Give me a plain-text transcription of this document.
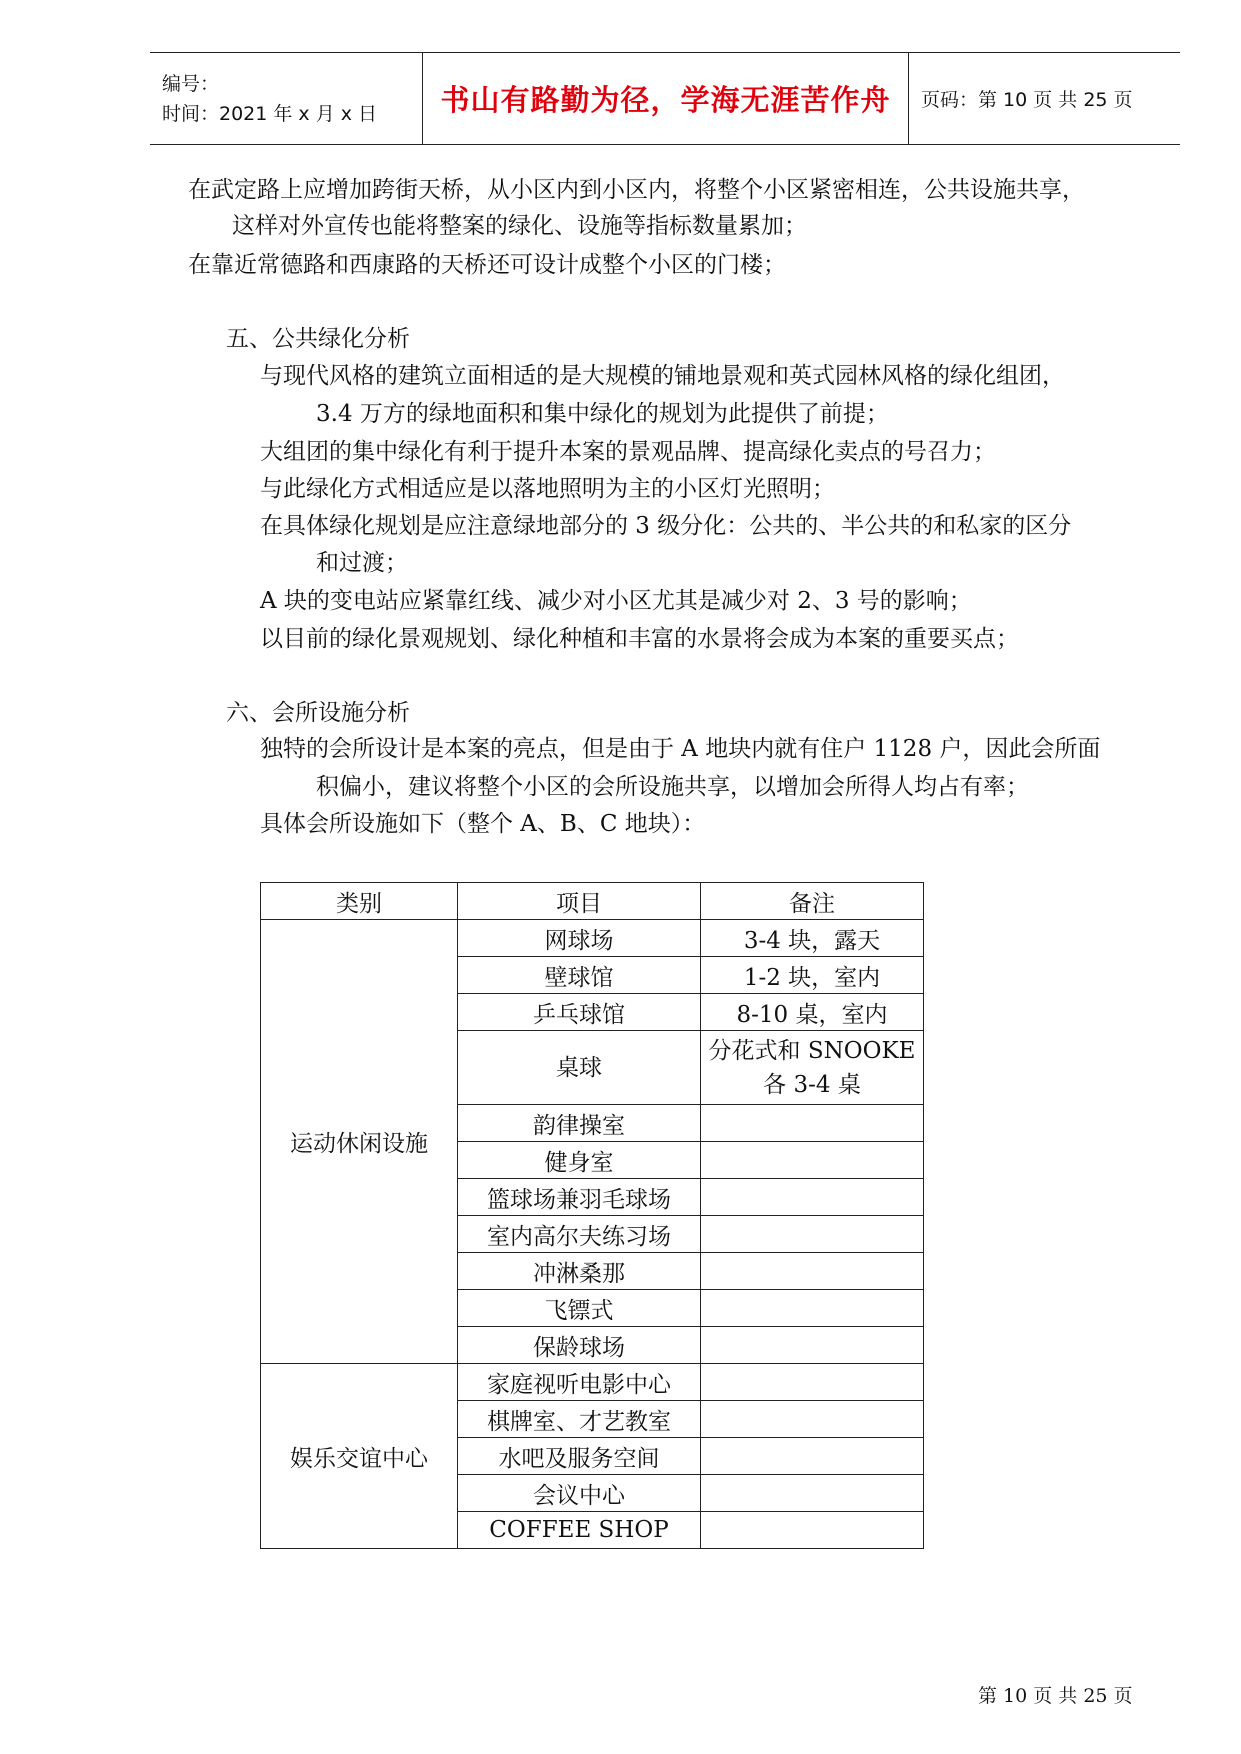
编号：
时间：2021 年 x 月 x 日	书山有路勤为径，学海无涯苦作舟	页码：第 10 页 共 25 页
在武定路上应增加跨街天桥，从小区内到小区内，将整个小区紧密相连，公共设施共享，
这样对外宣传也能将整案的绿化、设施等指标数量累加；
在靠近常德路和西康路的天桥还可设计成整个小区的门楼；
五、公共绿化分析
与现代风格的建筑立面相适的是大规模的铺地景观和英式园林风格的绿化组团，
3.4 万方的绿地面积和集中绿化的规划为此提供了前提；
大组团的集中绿化有利于提升本案的景观品牌、提高绿化卖点的号召力；
与此绿化方式相适应是以落地照明为主的小区灯光照明；
在具体绿化规划是应注意绿地部分的 3 级分化：公共的、半公共的和私家的区分
和过渡；
A 块的变电站应紧靠红线、减少对小区尤其是减少对 2、3 号的影响；
以目前的绿化景观规划、绿化种植和丰富的水景将会成为本案的重要买点；
六、会所设施分析
独特的会所设计是本案的亮点，但是由于 A 地块内就有住户 1128 户，因此会所面
积偏小，建议将整个小区的会所设施共享，以增加会所得人均占有率；
具体会所设施如下（整个 A、B、C 地块）：
类别	项目	备注
运动休闲设施	网球场	3-4 块，露天
	壁球馆	1-2 块，室内
	乒乓球馆	8-10 桌，室内
	桌球	分花式和 SNOOKE
各 3-4 桌

	韵律操室	
	健身室	
	篮球场兼羽毛球场	
	室内高尔夫练习场	
	冲淋桑那	
	飞镖式	
	保龄球场	
娱乐交谊中心	家庭视听电影中心	
	棋牌室、才艺教室	
	水吧及服务空间	
	会议中心	
	COFFEE SHOP	
第 10 页 共 25 页
